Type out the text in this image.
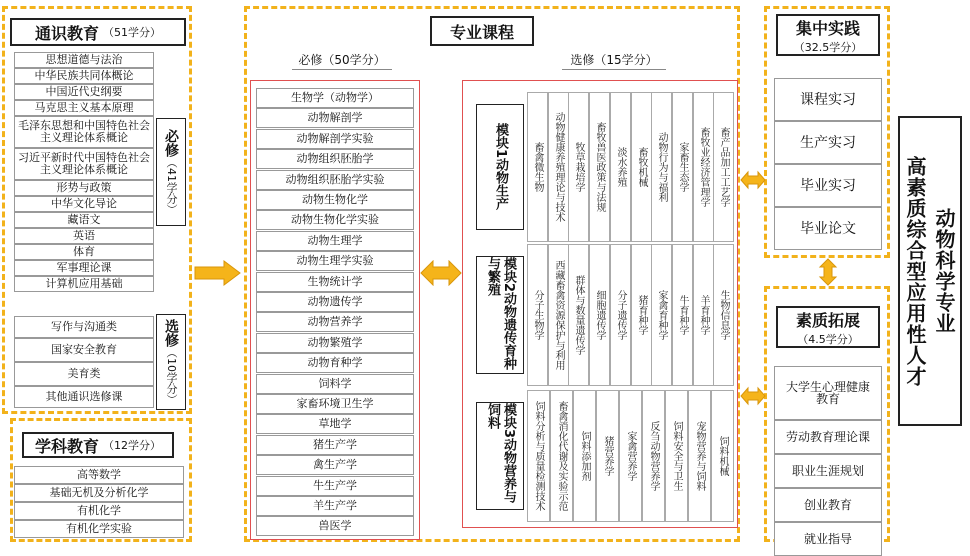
通识教育 （51学分）
思想道德与法治
中华民族共同体概论
中国近代史纲要
马克思主义基本原理
毛泽东思想和中国特色社会主义理论体系概论
习近平新时代中国特色社会主义理论体系概论
形势与政策
中华文化导论
藏语文
英语
体育
军事理论课
计算机应用基础
必修
（41学分）
写作与沟通类
国家安全教育
美育类
其他通识选修课
选修
（10学分）
学科教育 （12学分）
高等数学
基础无机及分析化学
有机化学
有机化学实验
专业课程
必修（50学分）
生物学（动物学）
动物解剖学
动物解剖学实验
动物组织胚胎学
动物组织胚胎学实验
动物生物化学
动物生物化学实验
动物生理学
动物生理学实验
生物统计学
动物遗传学
动物营养学
动物繁殖学
动物育种学
饲料学
家畜环境卫生学
草地学
猪生产学
禽生产学
牛生产学
羊生产学
兽医学
选修（15学分）
模块1动物生产	畜禽微生物	动物健康养殖理论与技术 牧草栽培学	畜牧兽医政策与法规	淡水养殖	畜牧机械 动物行为与福利	家畜生态学	畜牧业经济管理学 畜产品加工工艺学
模块2动物遗传育种与繁殖
分子生物学	西藏畜禽资源保护与利用 群体与数量遗传学	细胞遗传学	分子遗传学	猪育种学 家禽育种学	牛育种学	羊育种学 生物信息学
模块3动物营养与饲料	饲料分析与质量检测技术	畜禽消化代谢及实验示范	饲料添加剂	猪营养学	家禽营养学	反刍动物营养学	饲料安全与卫生	宠物营养与饲料	饲料机械
集中实践
（32.5学分）
课程实习
生产实习
毕业实习
毕业论文
素质拓展
（4.5学分）
大学生心理健康教育
劳动教育理论课
职业生涯规划
创业教育
就业指导
动物科学专业
高素质综合型应用性人才
